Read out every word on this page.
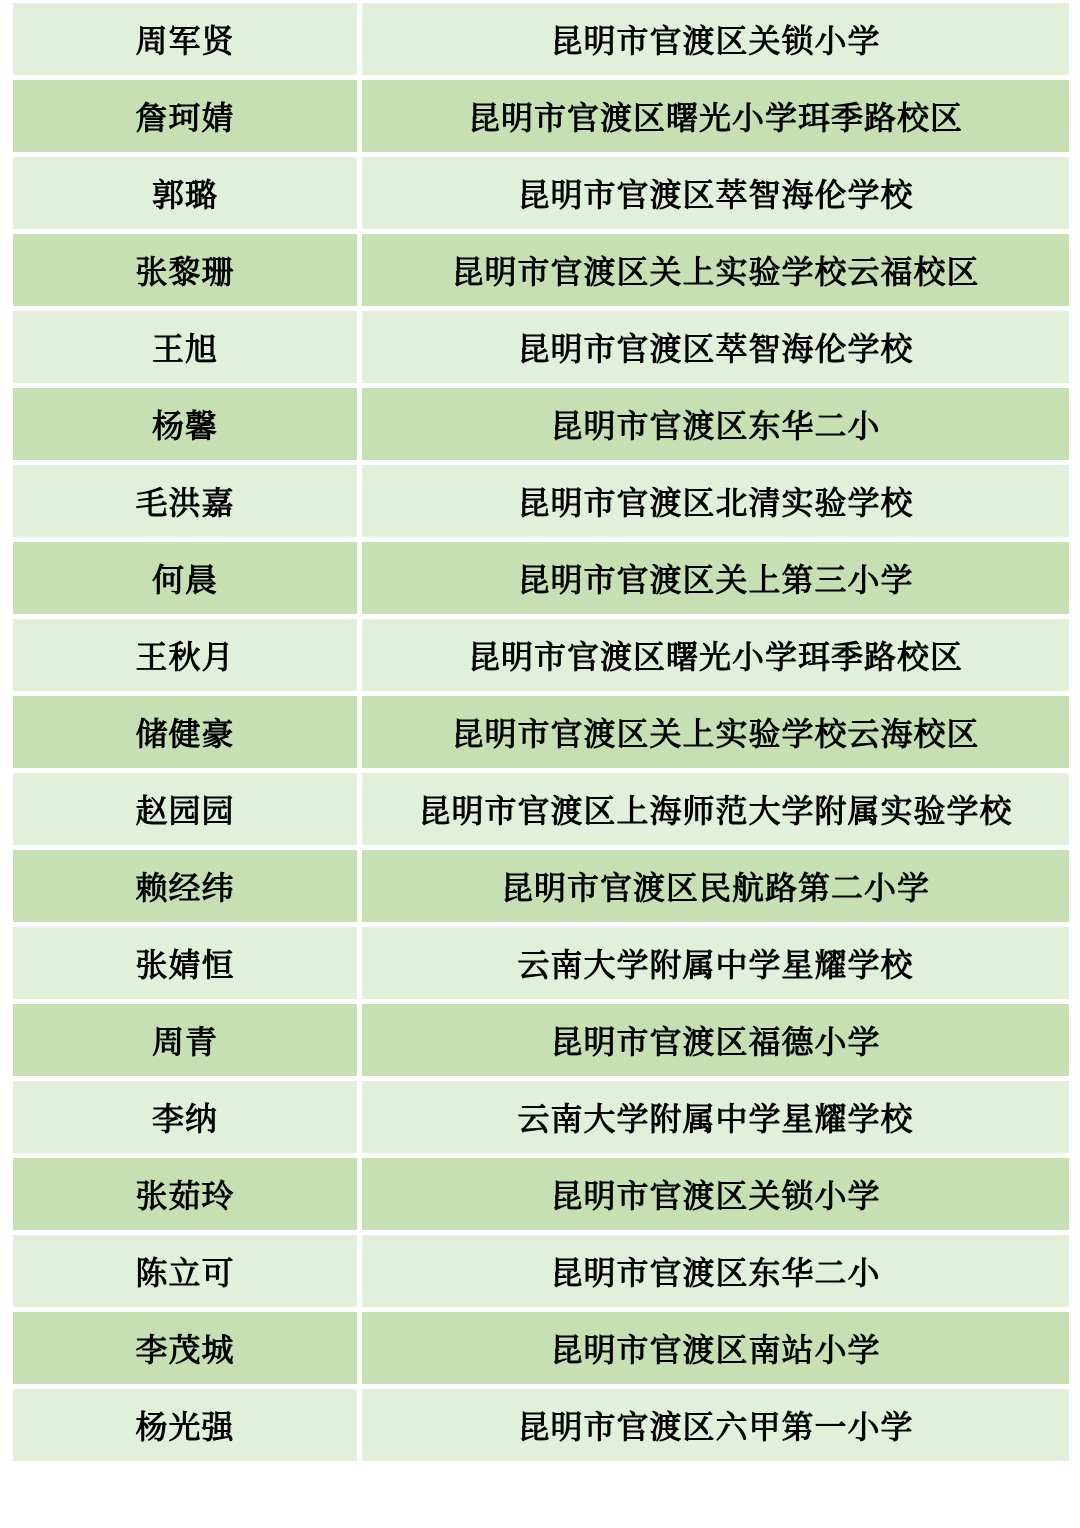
周军贤	昆明市官渡区关锁小学
詹珂婧	昆明市官渡区曙光小学珥季路校区
郭璐	昆明市官渡区萃智海伦学校
张黎珊	昆明市官渡区关上实验学校云福校区
王旭	昆明市官渡区萃智海伦学校
杨馨	昆明市官渡区东华二小
毛洪嘉	昆明市官渡区北清实验学校
何晨	昆明市官渡区关上第三小学
王秋月	昆明市官渡区曙光小学珥季路校区
储健豪	昆明市官渡区关上实验学校云海校区
赵园园	昆明市官渡区上海师范大学附属实验学校
赖经纬	昆明市官渡区民航路第二小学
张婧恒	云南大学附属中学星耀学校
周青	昆明市官渡区福德小学
李纳	云南大学附属中学星耀学校
张茹玲	昆明市官渡区关锁小学
陈立可	昆明市官渡区东华二小
李茂城	昆明市官渡区南站小学
杨光强	昆明市官渡区六甲第一小学
